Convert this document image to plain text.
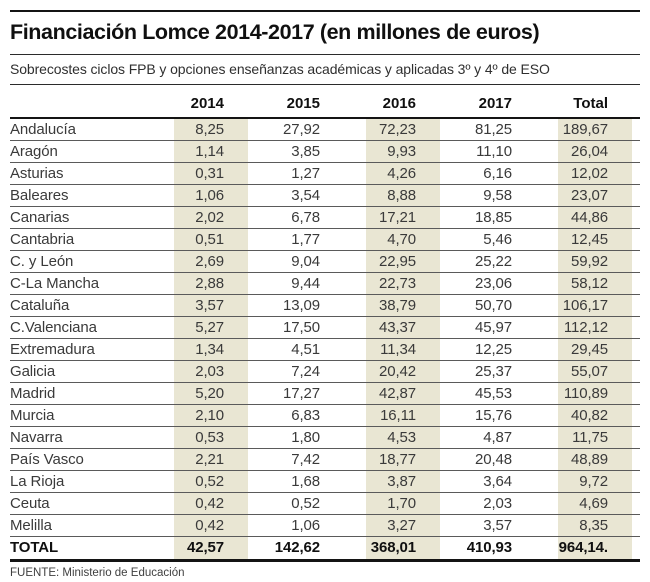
Financiación Lomce 2014-2017 (en millones de euros)
Sobrecostes ciclos FPB y opciones enseñanzas académicas y aplicadas 3º y 4º de ESO
	2014	2015	2016	2017	Total
Andalucía	8,25	27,92	72,23	81,25	189,67
Aragón	1,14	3,85	9,93	11,10	26,04
Asturias	0,31	1,27	4,26	6,16	12,02
Baleares	1,06	3,54	8,88	9,58	23,07
Canarias	2,02	6,78	17,21	18,85	44,86
Cantabria	0,51	1,77	4,70	5,46	12,45
C. y León	2,69	9,04	22,95	25,22	59,92
C-La Mancha	2,88	9,44	22,73	23,06	58,12
Cataluña	3,57	13,09	38,79	50,70	106,17
C.Valenciana	5,27	17,50	43,37	45,97	112,12
Extremadura	1,34	4,51	11,34	12,25	29,45
Galicia	2,03	7,24	20,42	25,37	55,07
Madrid	5,20	17,27	42,87	45,53	110,89
Murcia	2,10	6,83	16,11	15,76	40,82
Navarra	0,53	1,80	4,53	4,87	11,75
País Vasco	2,21	7,42	18,77	20,48	48,89
La Rioja	0,52	1,68	3,87	3,64	9,72
Ceuta	0,42	0,52	1,70	2,03	4,69
Melilla	0,42	1,06	3,27	3,57	8,35
TOTAL	42,57	142,62	368,01	410,93	964,14.
FUENTE: Ministerio de Educación
